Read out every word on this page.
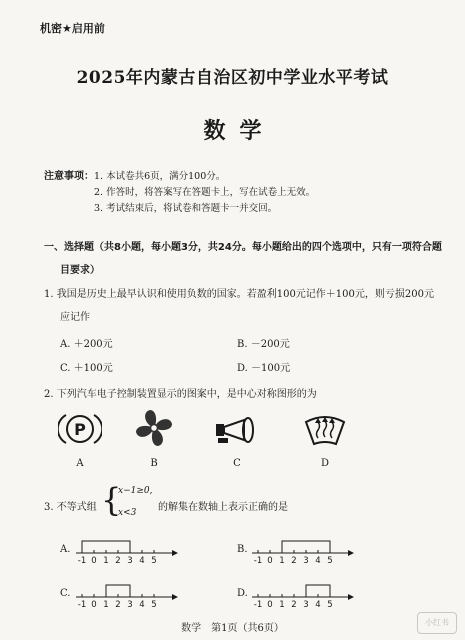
机密★启用前
2025年内蒙古自治区初中学业水平考试
数学
注意事项： 1. 本试卷共6页，满分100分。
2. 作答时，将答案写在答题卡上，写在试卷上无效。
3. 考试结束后，将试卷和答题卡一并交回。
一、选择题（共8小题，每小题3分，共24分。每小题给出的四个选项中，只有一项符合题
目要求）
1. 我国是历史上最早认识和使用负数的国家。若盈利100元记作＋100元，则亏损200元
应记作
A. ＋200元	B. －200元
C. ＋100元	D. －100元
2. 下列汽车电子控制装置显示的图案中，是中心对称图形的为
P
A	B	C	D
3. 不等式组 {
x−1≥0,
x<3 的解集在数轴上表示正确的是
A.
-1 0 1 2 3 4 5
B.
-1 0 1 2 3 4 5
C.
-1 0 1 2 3 4 5
D.
-1 0 1 2 3 4 5
数学　第1页（共6页）
小红书
